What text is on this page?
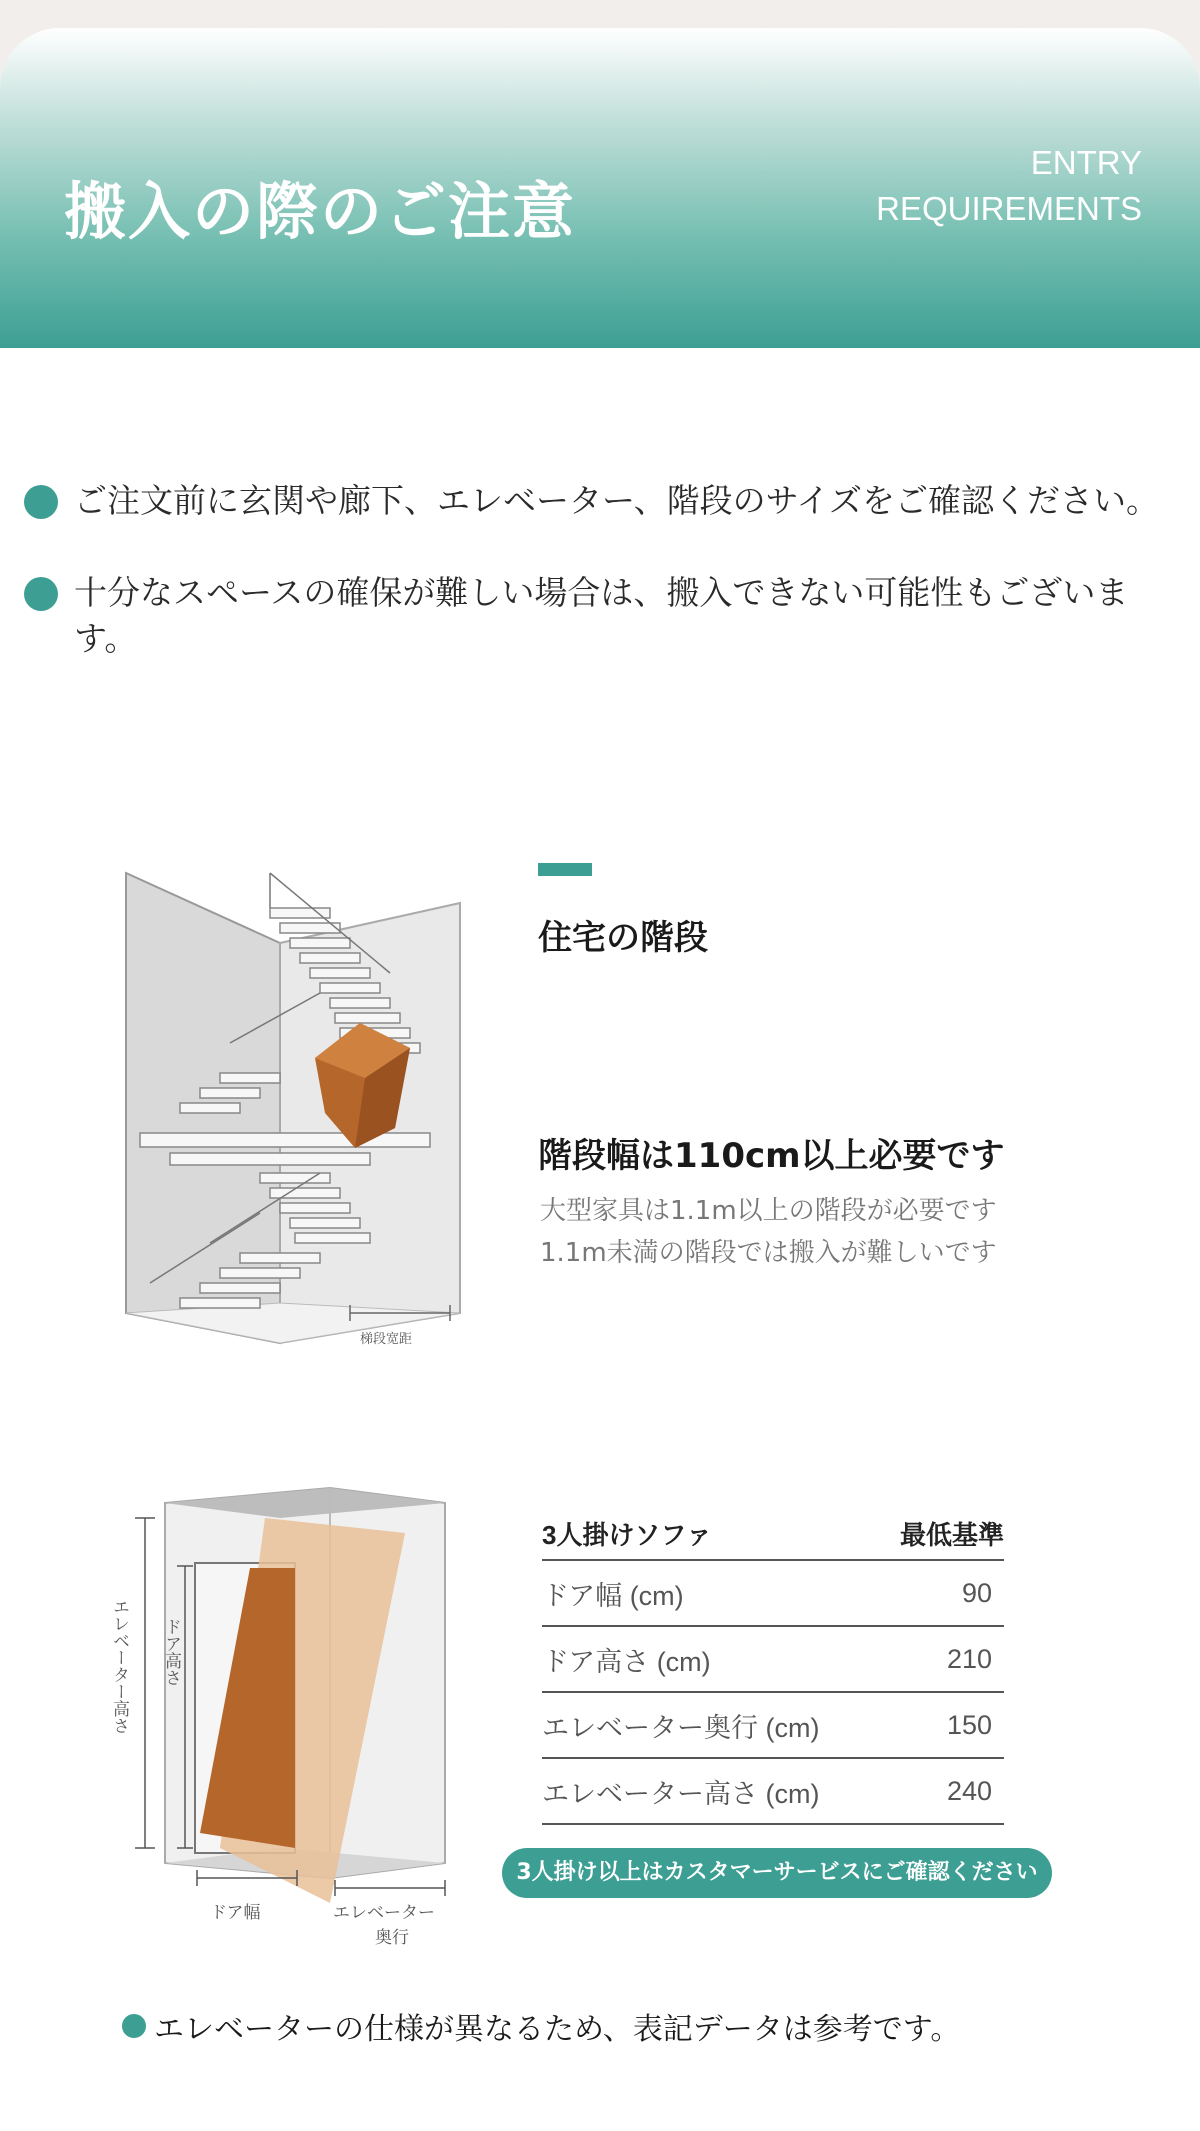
搬入の際のご注意
ENTRY
REQUIREMENTS
ご注文前に玄関や廊下、エレベーター、階段のサイズをご確認ください。
十分なスペースの確保が難しい場合は、搬入できない可能性もございます。
梯段宽距
住宅の階段
階段幅は110cm以上必要です
大型家具は1.1m以上の階段が必要です
1.1m未満の階段では搬入が難しいです
エレベーター高さ ドア高さ
ドア幅	エレベーター
奥行
3人掛けソファ	最低基準
ドア幅 (cm)	90
ドア高さ (cm)	210
エレベーター奥行 (cm)	150
エレベーター高さ (cm)	240
3人掛け以上はカスタマーサービスにご確認ください
エレベーターの仕様が異なるため、表記データは参考です。
